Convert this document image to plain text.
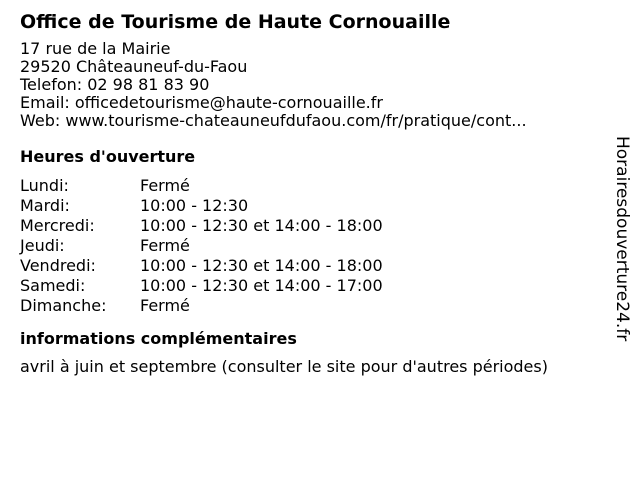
Office de Tourisme de Haute Cornouaille
17 rue de la Mairie
29520 Châteauneuf-du-Faou
Telefon: 02 98 81 83 90
Email: officedetourisme@haute-cornouaille.fr
Web: www.tourisme-chateauneufdufaou.com/fr/pratique/cont...
Heures d'ouverture
Lundi:	Fermé
Mardi:	10:00 - 12:30
Mercredi:	10:00 - 12:30 et 14:00 - 18:00
Jeudi:	Fermé
Vendredi:	10:00 - 12:30 et 14:00 - 18:00
Samedi:	10:00 - 12:30 et 14:00 - 17:00
Dimanche: Fermé
informations complémentaires
avril à juin et septembre (consulter le site pour d'autres périodes)
Horairesdouverture24.fr
